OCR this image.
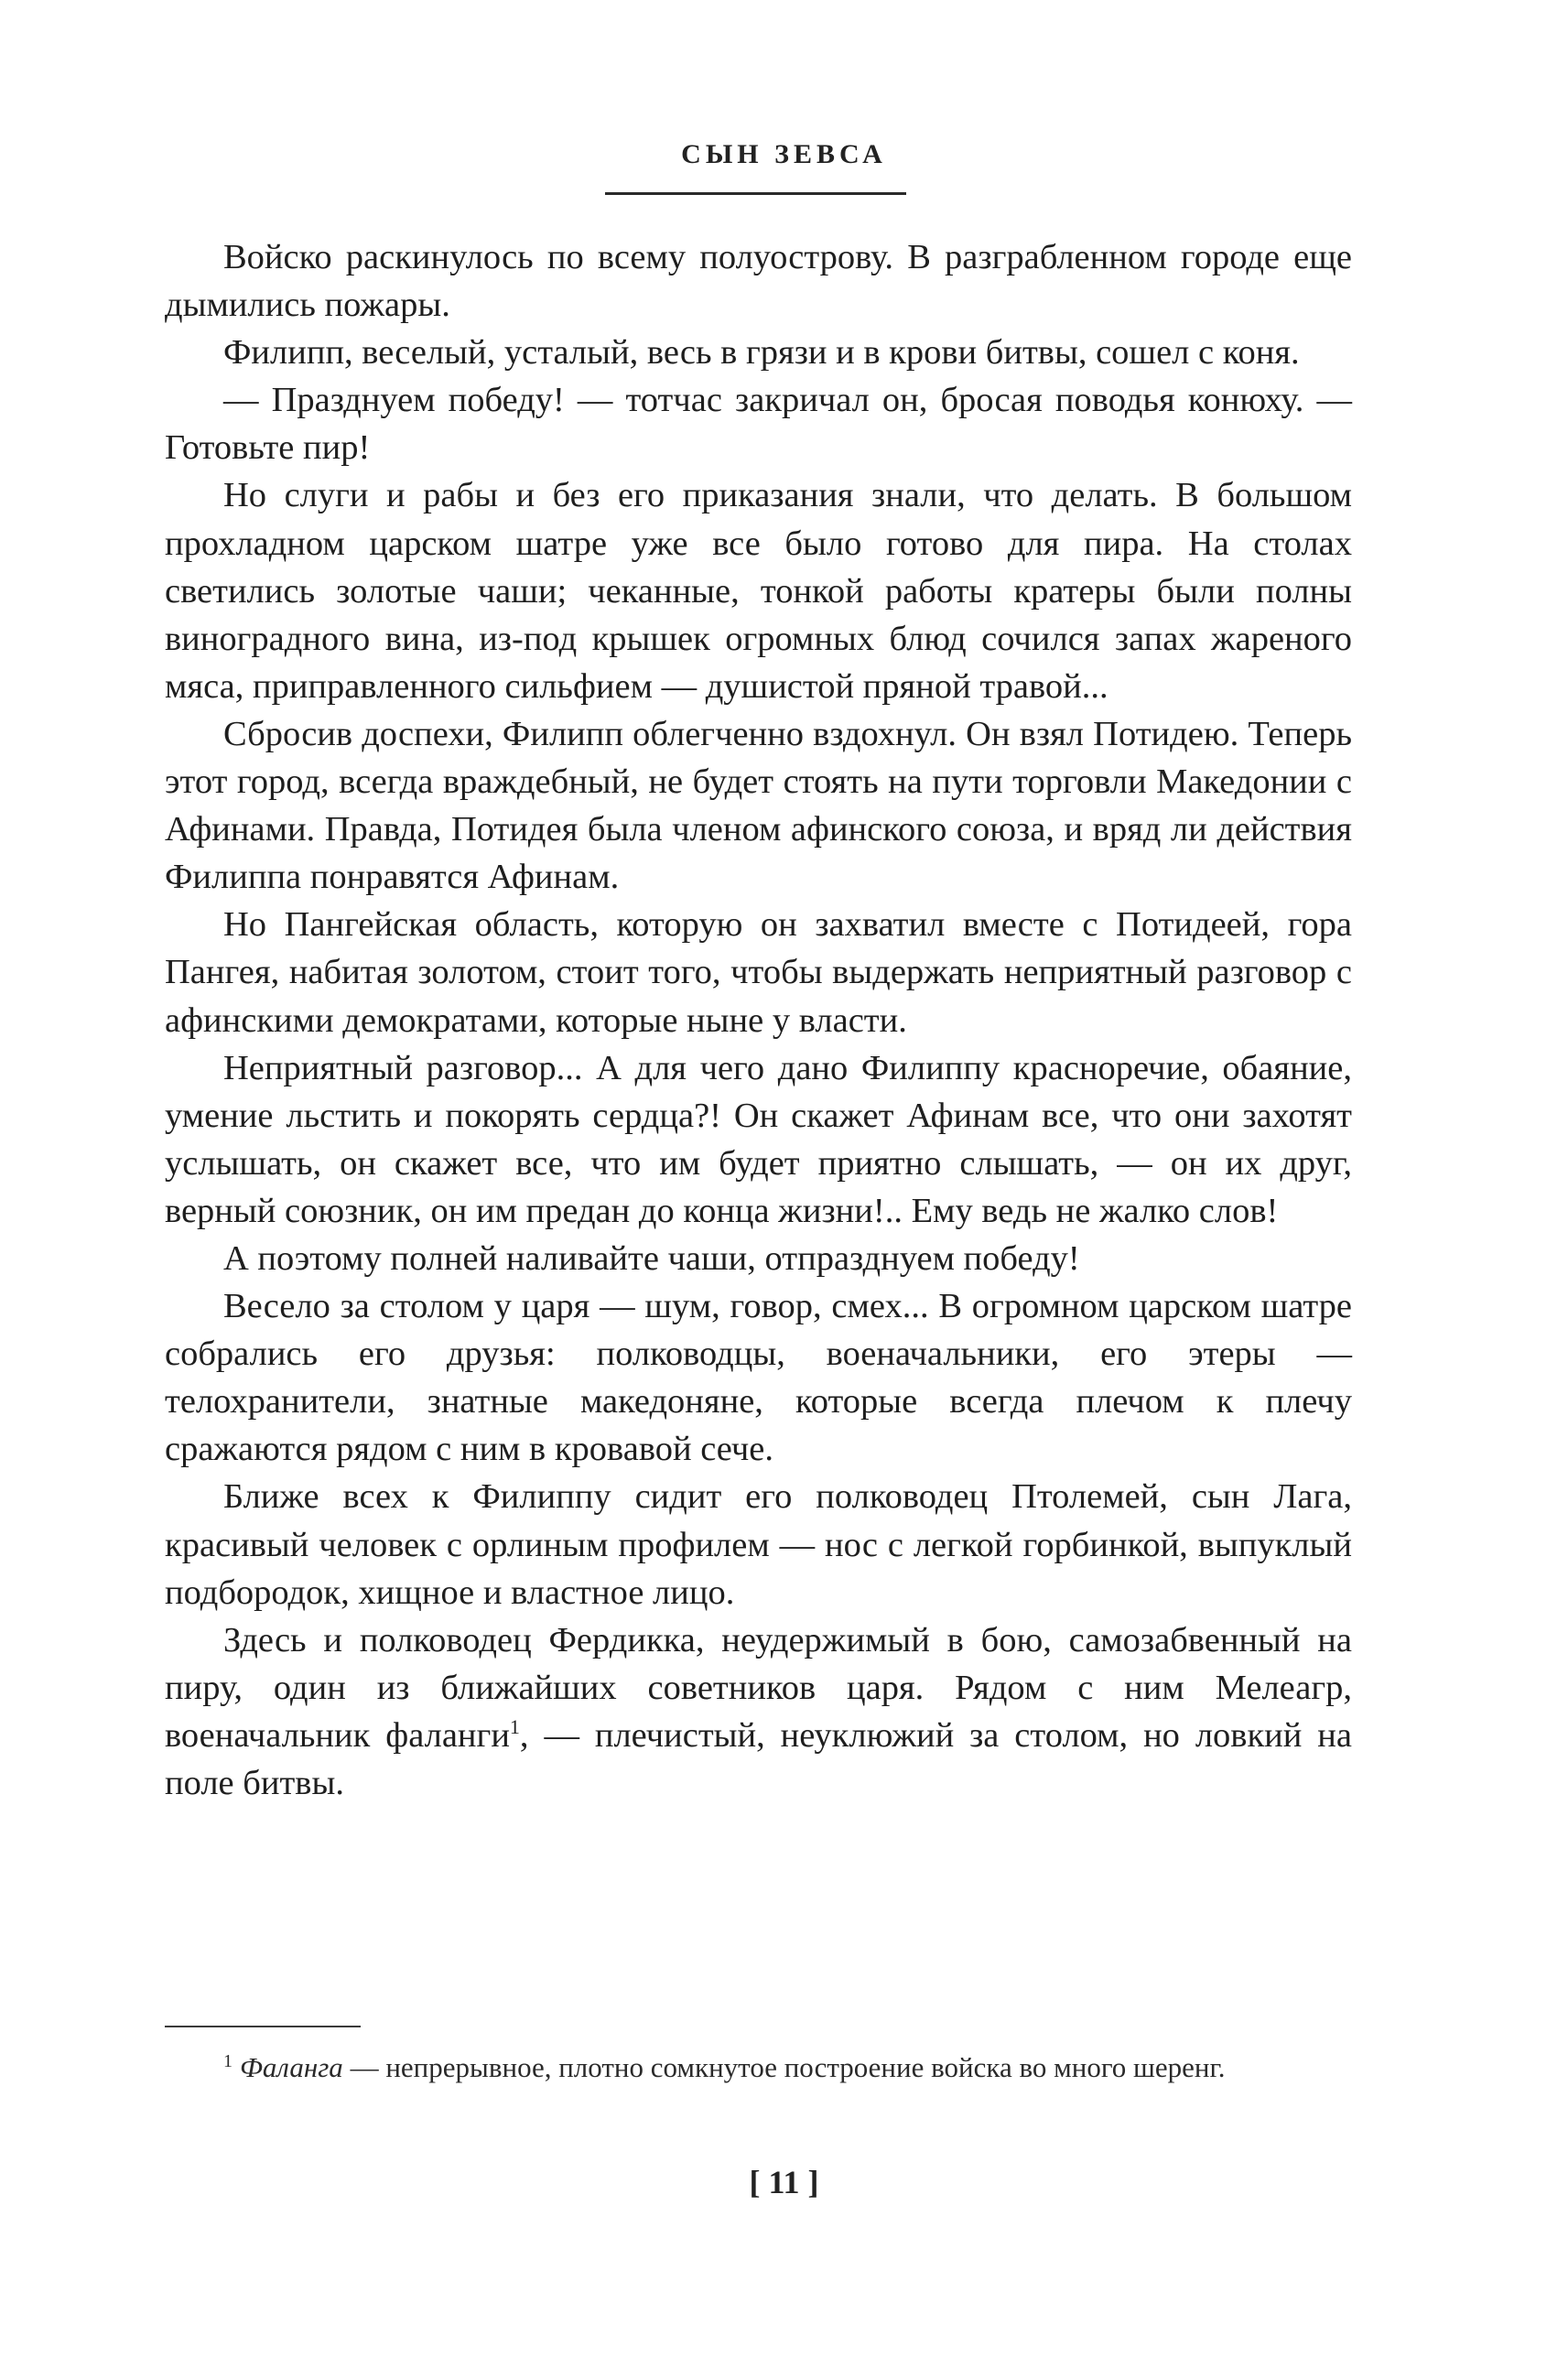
СЫН ЗЕВСА

Войско раскинулось по всему полуострову. В разграбленном городе еще дымились пожары.

Филипп, веселый, усталый, весь в грязи и в крови битвы, сошел с коня.

— Празднуем победу! — тотчас закричал он, бросая поводья конюху. — Готовьте пир!

Но слуги и рабы и без его приказания знали, что делать. В большом прохладном царском шатре уже все было готово для пира. На столах светились золотые чаши; чеканные, тонкой работы кратеры были полны виноградного вина, из-под крышек огромных блюд сочился запах жареного мяса, приправленного сильфием — душистой пряной травой...

Сбросив доспехи, Филипп облегченно вздохнул. Он взял Потидею. Теперь этот город, всегда враждебный, не будет стоять на пути торговли Македонии с Афинами. Правда, Потидея была членом афинского союза, и вряд ли действия Филиппа понравятся Афинам.

Но Пангейская область, которую он захватил вместе с Потидеей, гора Пангея, набитая золотом, стоит того, чтобы выдержать неприятный разговор с афинскими демократами, которые ныне у власти.

Неприятный разговор... А для чего дано Филиппу красноречие, обаяние, умение льстить и покорять сердца?! Он скажет Афинам все, что они захотят услышать, он скажет все, что им будет приятно слышать, — он их друг, верный союзник, он им предан до конца жизни!.. Ему ведь не жалко слов!

А поэтому полней наливайте чаши, отпразднуем победу!

Весело за столом у царя — шум, говор, смех... В огромном царском шатре собрались его друзья: полководцы, военачальники, его этеры — телохранители, знатные македоняне, которые всегда плечом к плечу сражаются рядом с ним в кровавой сече.

Ближе всех к Филиппу сидит его полководец Птолемей, сын Лага, красивый человек с орлиным профилем — нос с легкой горбинкой, выпуклый подбородок, хищное и властное лицо.

Здесь и полководец Фердикка, неудержимый в бою, самозабвенный на пиру, один из ближайших советников царя. Рядом с ним Мелеагр, военачальник фаланги$^1$, — плечистый, неуклюжий за столом, но ловкий на поле битвы.

$^1$ Фаланга — непрерывное, плотно сомкнутое построение войска во много шеренг.
[ 11 ]
